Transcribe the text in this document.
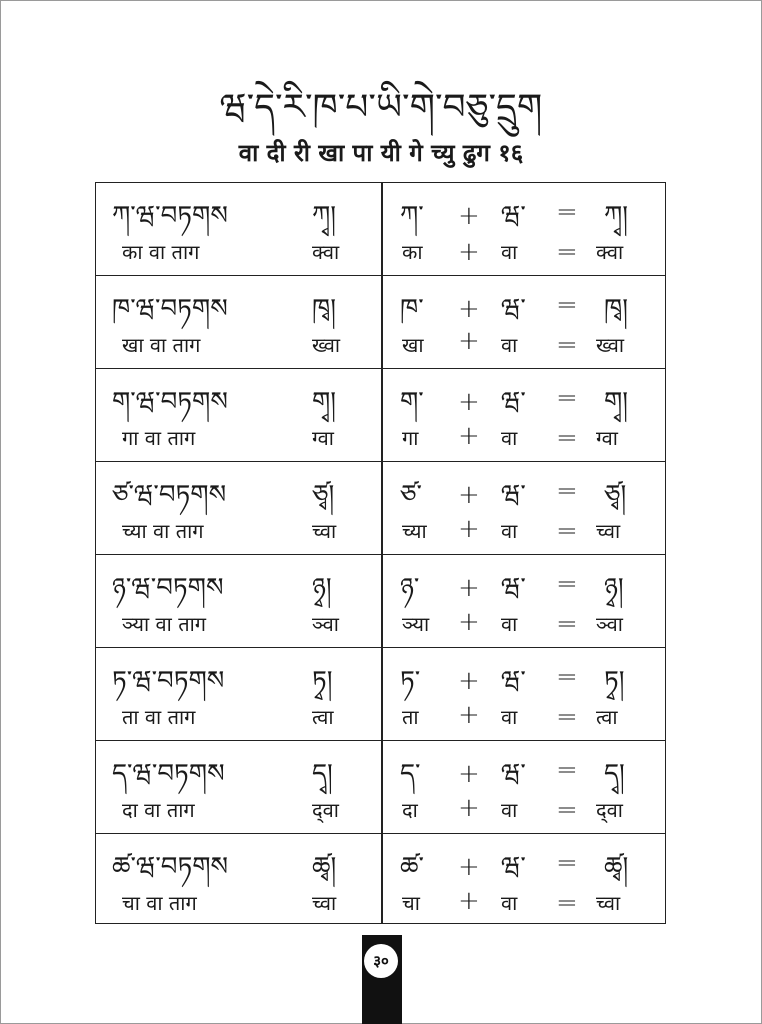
ཝ་དེ་རི་ཁ་པ་ཡི་གེ་བཅུ་དྲུག
वा दी री खा पा यी गे च्यु ढुग १६
ཀ་ཝ་བཏགས
का वा ताग
ཀྭ།
क्वा
ཀ་
का
+
+
ཝ་
वा
=
=
ཀྭ།
क्वा
ཁ་ཝ་བཏགས
खा वा ताग
ཁྭ།
ख्वा
ཁ་
खा
+
+
ཝ་
वा
=
=
ཁྭ།
ख्वा
ག་ཝ་བཏགས
गा वा ताग
གྭ།
ग्वा
ག་
गा
+
+
ཝ་
वा
=
=
གྭ།
ग्वा
ཙ་ཝ་བཏགས
च्या वा ताग
ཙྭ།
च्वा
ཙ་
च्या
+
+
ཝ་
वा
=
=
ཙྭ།
च्वा
ཉ་ཝ་བཏགས
ञ्या वा ताग
ཉྭ།
ञ्वा
ཉ་
ञ्या
+
+
ཝ་
वा
=
=
ཉྭ།
ञ्वा
ཏ་ཝ་བཏགས
ता वा ताग
ཏྭ།
त्वा
ཏ་
ता
+
+
ཝ་
वा
=
=
ཏྭ།
त्वा
ད་ཝ་བཏགས
दा वा ताग
དྭ།
द्‌वा
ད་
दा
+
+
ཝ་
वा
=
=
དྭ།
द्‌वा
ཚ་ཝ་བཏགས
चा वा ताग
ཚྭ།
च्वा
ཚ་
चा
+
+
ཝ་
वा
=
=
ཚྭ།
च्वा
३०
